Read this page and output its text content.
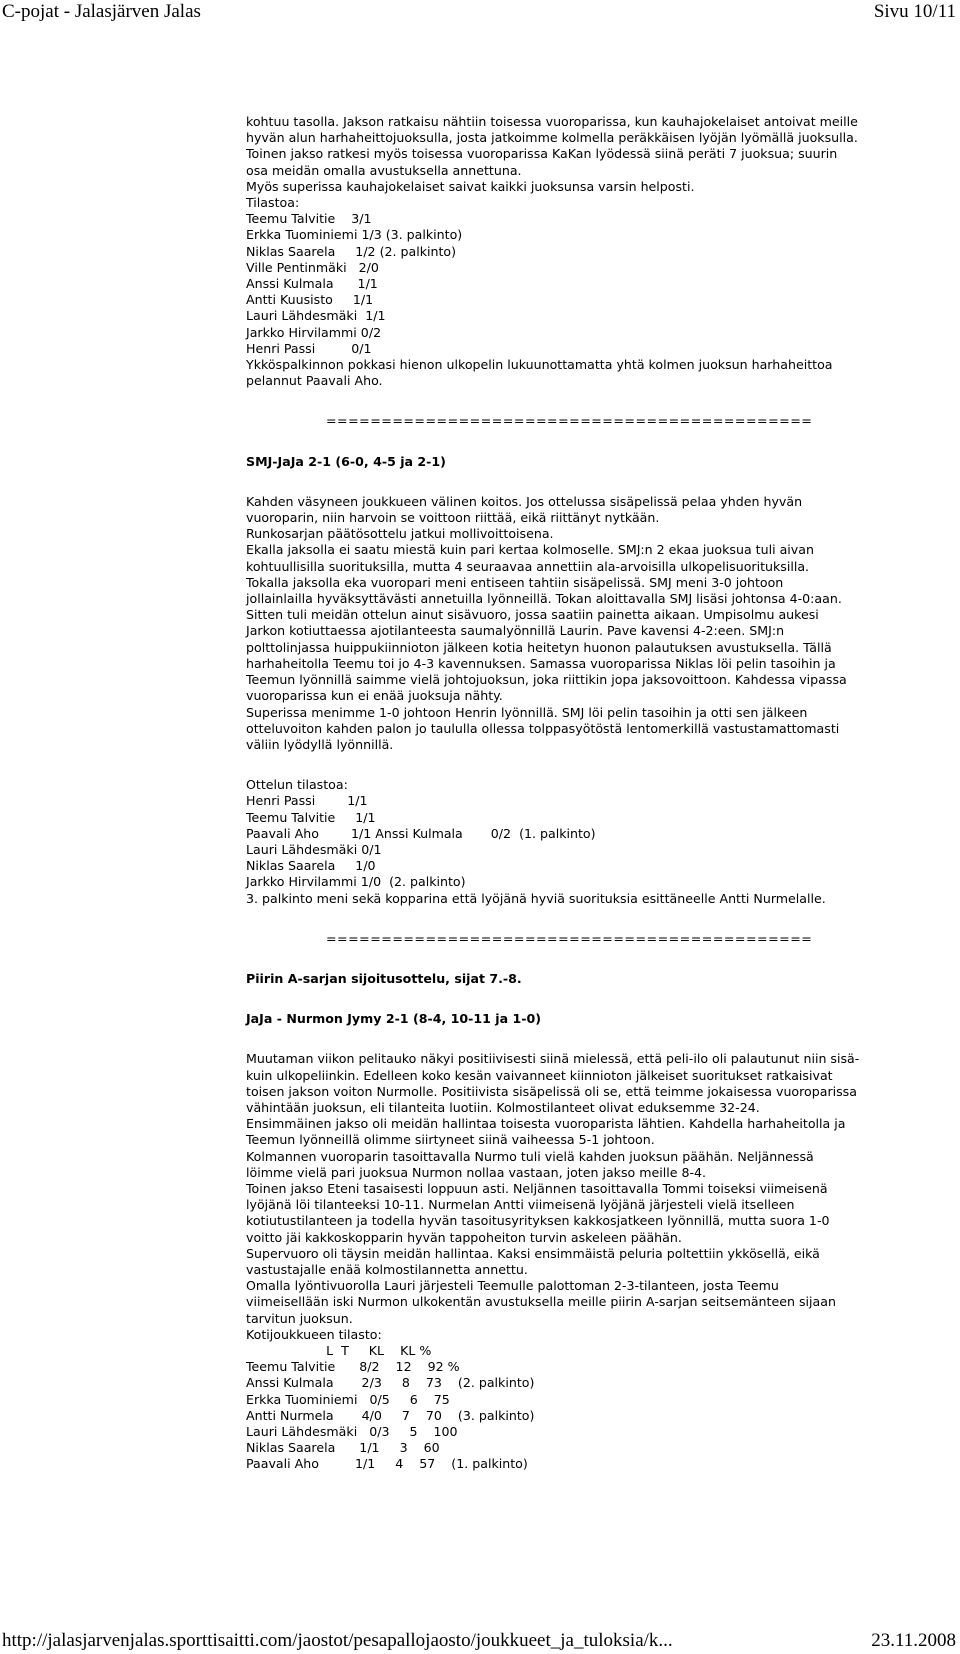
C-pojat - Jalasjärven Jalas	Sivu 10/11

kohtuu tasolla. Jakson ratkaisu nähtiin toisessa vuoroparissa, kun kauhajokelaiset antoivat meille

hyvän alun harhaheittojuoksulla, josta jatkoimme kolmella peräkkäisen lyöjän lyömällä juoksulla.

Toinen jakso ratkesi myös toisessa vuoroparissa KaKan lyödessä siinä peräti 7 juoksua; suurin

osa meidän omalla avustuksella annettuna.

Myös superissa kauhajokelaiset saivat kaikki juoksunsa varsin helposti.

Tilastoa:

Teemu Talvitie    3/1
Erkka Tuominiemi 1/3 (3. palkinto)
Niklas Saarela     1/2 (2. palkinto)
Ville Pentinmäki   2/0
Anssi Kulmala      1/1
Antti Kuusisto     1/1
Lauri Lähdesmäki  1/1
Jarkko Hirvilammi 0/2
Henri Passi         0/1

Ykköspalkinnon pokkasi hienon ulkopelin lukuunottamatta yhtä kolmen juoksun harhaheittoa

pelannut Paavali Aho.

============================================

SMJ-JaJa 2-1 (6-0, 4-5 ja 2-1)

Kahden väsyneen joukkueen välinen koitos. Jos ottelussa sisäpelissä pelaa yhden hyvän

vuoroparin, niin harvoin se voittoon riittää, eikä riittänyt nytkään.

Runkosarjan päätösottelu jatkui mollivoittoisena.

Ekalla jaksolla ei saatu miestä kuin pari kertaa kolmoselle. SMJ:n 2 ekaa juoksua tuli aivan

kohtuullisilla suorituksilla, mutta 4 seuraavaa annettiin ala-arvoisilla ulkopelisuorituksilla.

Tokalla jaksolla eka vuoropari meni entiseen tahtiin sisäpelissä. SMJ meni 3-0 johtoon

jollainlailla hyväksyttävästi annetuilla lyönneillä. Tokan aloittavalla SMJ lisäsi johtonsa 4-0:aan.

Sitten tuli meidän ottelun ainut sisävuoro, jossa saatiin painetta aikaan. Umpisolmu aukesi

Jarkon kotiuttaessa ajotilanteesta saumalyönnillä Laurin. Pave kavensi 4-2:een. SMJ:n

polttolinjassa huippukiinnioton jälkeen kotia heitetyn huonon palautuksen avustuksella. Tällä

harhaheitolla Teemu toi jo 4-3 kavennuksen. Samassa vuoroparissa Niklas löi pelin tasoihin ja

Teemun lyönnillä saimme vielä johtojuoksun, joka riittikin jopa jaksovoittoon. Kahdessa vipassa

vuoroparissa kun ei enää juoksuja nähty.

Superissa menimme 1-0 johtoon Henrin lyönnillä. SMJ löi pelin tasoihin ja otti sen jälkeen

otteluvoiton kahden palon jo taululla ollessa tolppasyötöstä lentomerkillä vastustamattomasti

väliin lyödyllä lyönnillä.

Ottelun tilastoa:

Henri Passi        1/1
Teemu Talvitie     1/1
Paavali Aho        1/1 Anssi Kulmala       0/2  (1. palkinto)
Lauri Lähdesmäki 0/1
Niklas Saarela     1/0
Jarkko Hirvilammi 1/0  (2. palkinto)
3. palkinto meni sekä kopparina että lyöjänä hyviä suorituksia esittäneelle Antti Nurmelalle.

============================================

Piirin A-sarjan sijoitusottelu, sijat 7.-8.

JaJa - Nurmon Jymy 2-1 (8-4, 10-11 ja 1-0)

Muutaman viikon pelitauko näkyi positiivisesti siinä mielessä, että peli-ilo oli palautunut niin sisä-

kuin ulkopeliinkin. Edelleen koko kesän vaivanneet kiinnioton jälkeiset suoritukset ratkaisivat

toisen jakson voiton Nurmolle. Positiivista sisäpelissä oli se, että teimme jokaisessa vuoroparissa

vähintään juoksun, eli tilanteita luotiin. Kolmostilanteet olivat eduksemme 32-24.

Ensimmäinen jakso oli meidän hallintaa toisesta vuoroparista lähtien. Kahdella harhaheitolla ja

Teemun lyönneillä olimme siirtyneet siinä vaiheessa 5-1 johtoon.

Kolmannen vuoroparin tasoittavalla Nurmo tuli vielä kahden juoksun päähän. Neljännessä

löimme vielä pari juoksua Nurmon nollaa vastaan, joten jakso meille 8-4.

Toinen jakso Eteni tasaisesti loppuun asti. Neljännen tasoittavalla Tommi toiseksi viimeisenä

lyöjänä löi tilanteeksi 10-11. Nurmelan Antti viimeisenä lyöjänä järjesteli vielä itselleen

kotiutustilanteen ja todella hyvän tasoitusyrityksen kakkosjatkeen lyönnillä, mutta suora 1-0

voitto jäi kakkoskopparin hyvän tappoheiton turvin askeleen päähän.

Supervuoro oli täysin meidän hallintaa. Kaksi ensimmäistä peluria poltettiin ykkösellä, eikä

vastustajalle enää kolmostilannetta annettu.

Omalla lyöntivuorolla Lauri järjesteli Teemulle palottoman 2-3-tilanteen, josta Teemu

viimeisellään iski Nurmon ulkokentän avustuksella meille piirin A-sarjan seitsemänteen sijaan

tarvitun juoksun.

Kotijoukkueen tilasto:

L  T     KL    KL %
Teemu Talvitie      8/2    12    92 %
Anssi Kulmala       2/3     8    73    (2. palkinto)
Erkka Tuominiemi   0/5     6    75
Antti Nurmela       4/0     7    70    (3. palkinto)
Lauri Lähdesmäki   0/3     5    100
Niklas Saarela      1/1     3    60
Paavali Aho         1/1     4    57    (1. palkinto)
http://jalasjarvenjalas.sporttisaitti.com/jaostot/pesapallojaosto/joukkueet_ja_tuloksia/k...	23.11.2008
